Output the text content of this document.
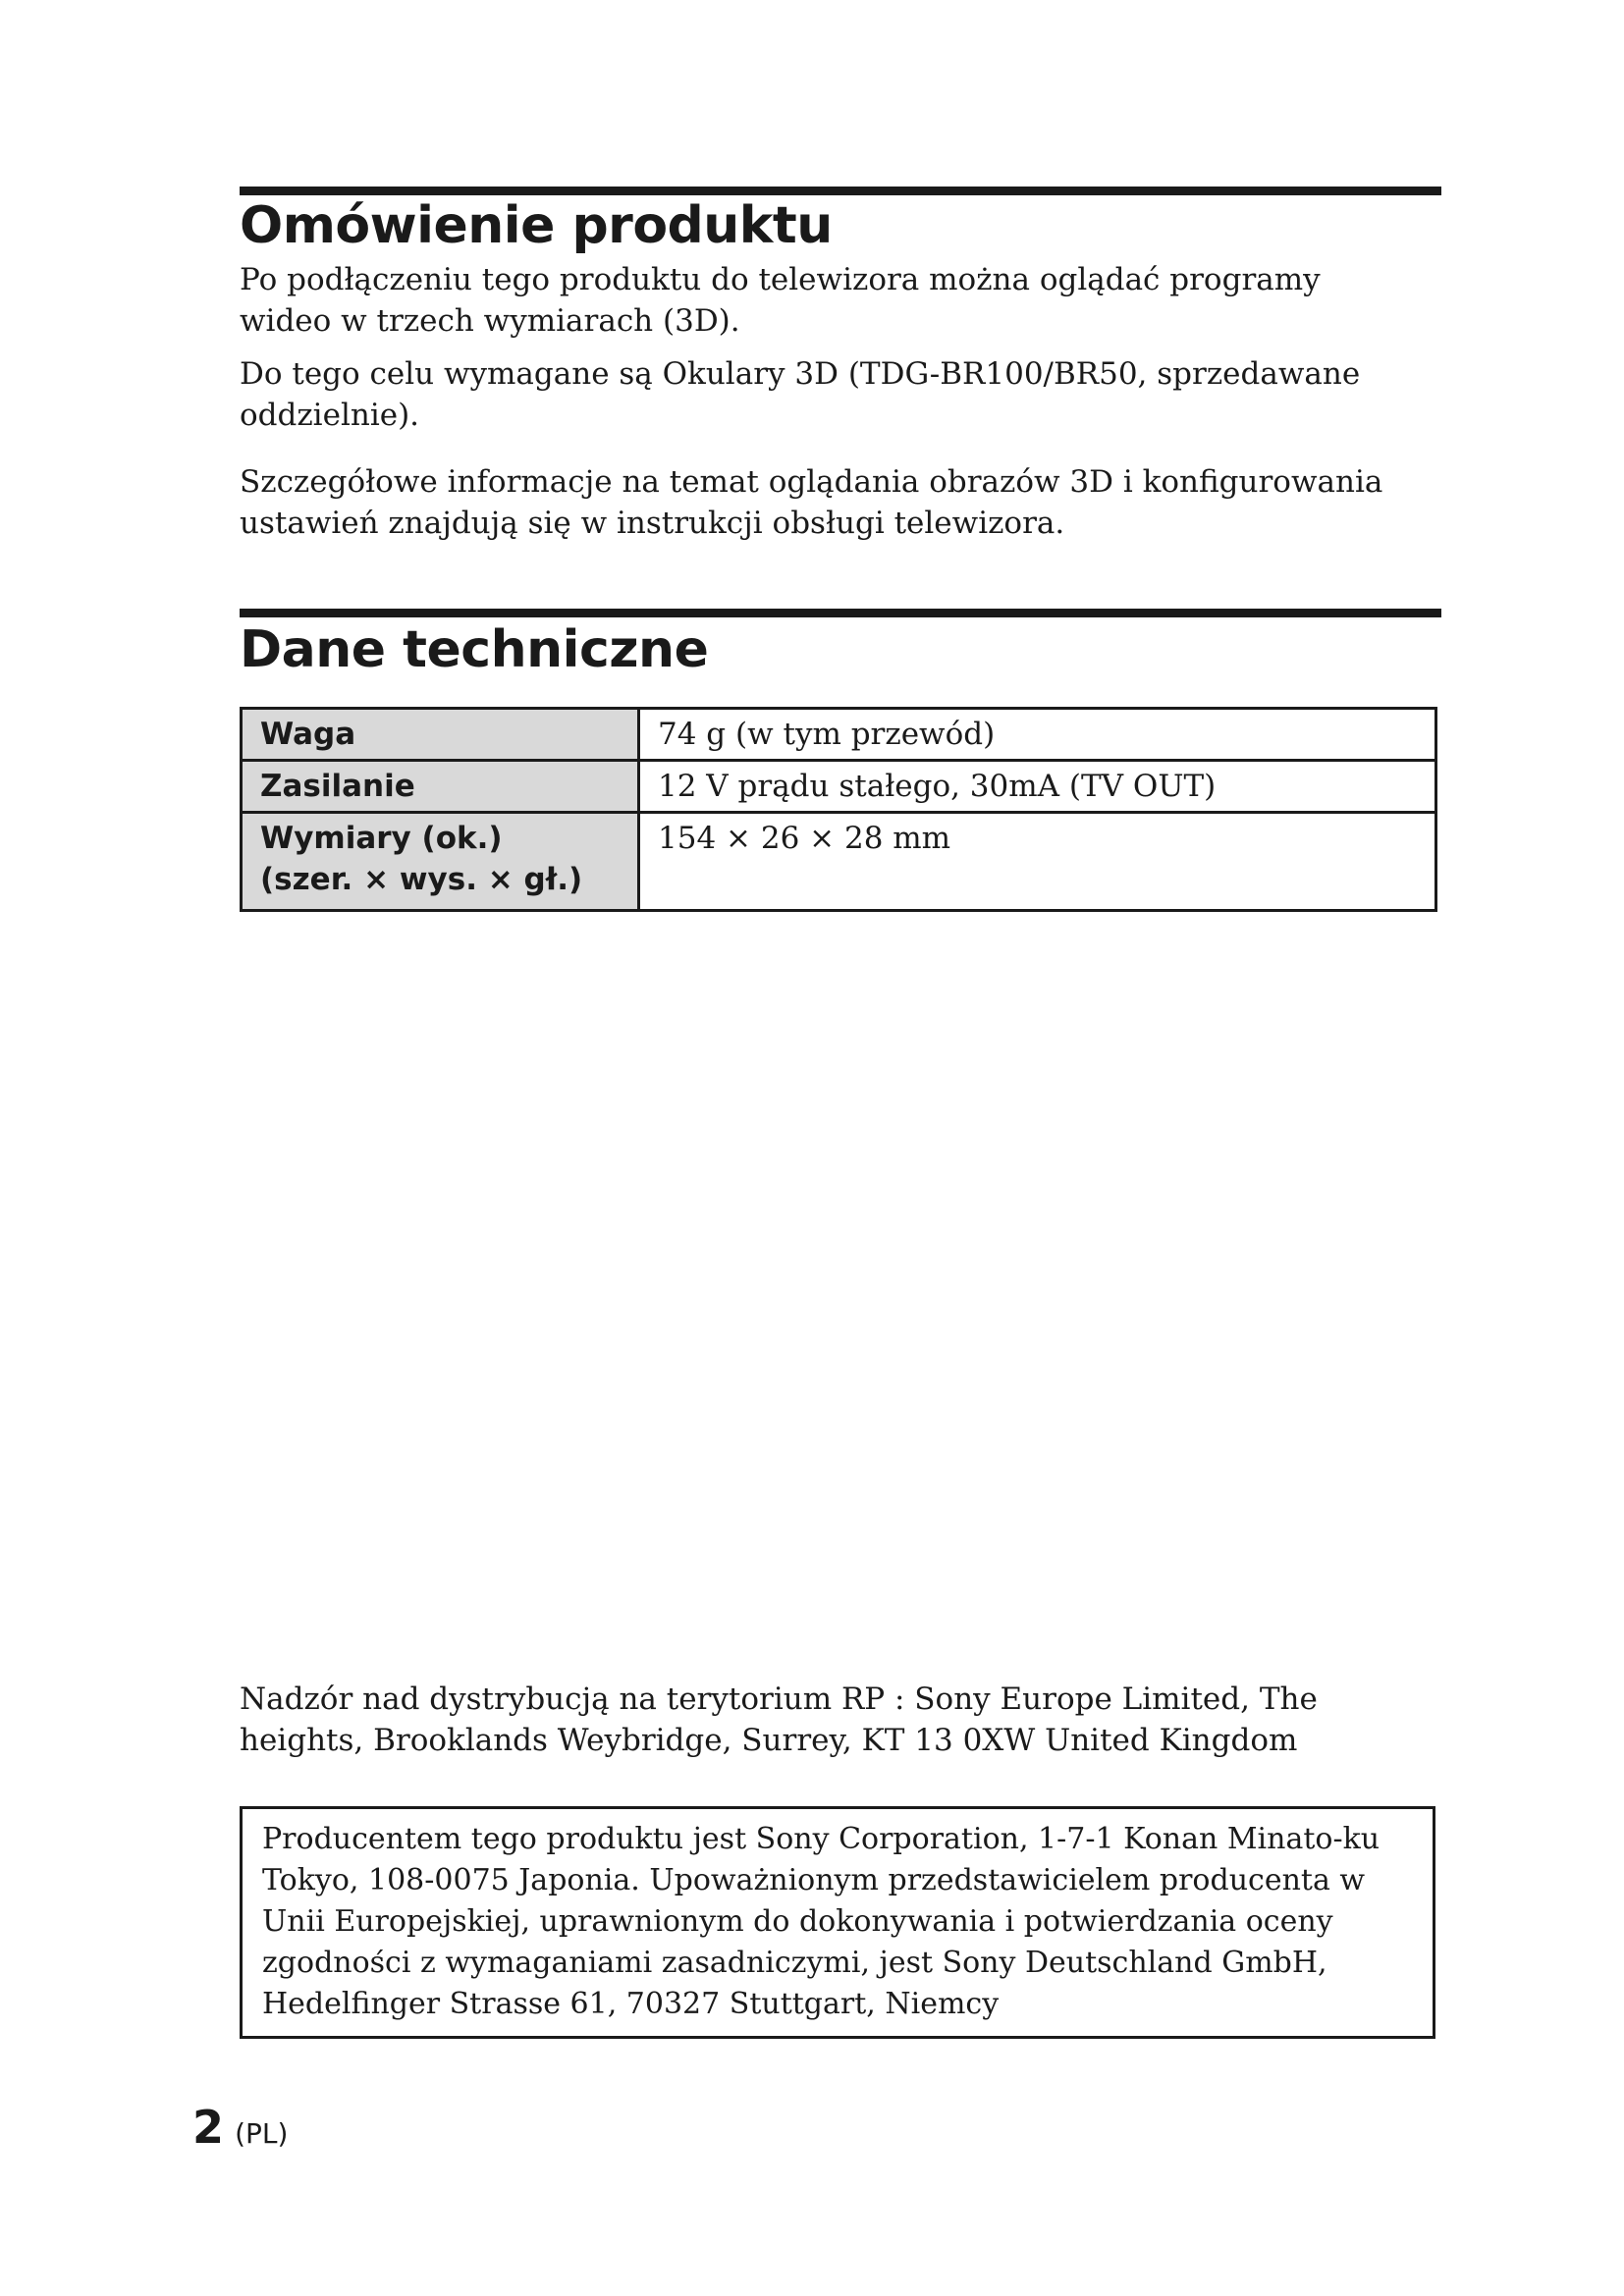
Omówienie produktu

Po podłączeniu tego produktu do telewizora można oglądać programy wideo w trzech wymiarach (3D).

Do tego celu wymagane są Okulary 3D (TDG-BR100/BR50, sprzedawane oddzielnie).

Szczegółowe informacje na temat oglądania obrazów 3D i konfigurowania ustawień znajdują się w instrukcji obsługi telewizora.

Dane techniczne
Waga	74 g (w tym przewód)
Zasilanie	12 V prądu stałego, 30mA (TV OUT)

Wymiary (ok.)
(szer. × wys. × gł.)	154 × 26 × 28 mm

Nadzór nad dystrybucją na terytorium RP : Sony Europe Limited, The heights, Brooklands Weybridge, Surrey, KT 13 0XW United Kingdom

Producentem tego produktu jest Sony Corporation, 1-7-1 Konan Minato-ku Tokyo, 108-0075 Japonia. Upoważnionym przedstawicielem producenta w Unii Europejskiej, uprawnionym do dokonywania i potwierdzania oceny zgodności z wymaganiami zasadniczymi, jest Sony Deutschland GmbH, Hedelfinger Strasse 61, 70327 Stuttgart, Niemcy
2 (PL)
